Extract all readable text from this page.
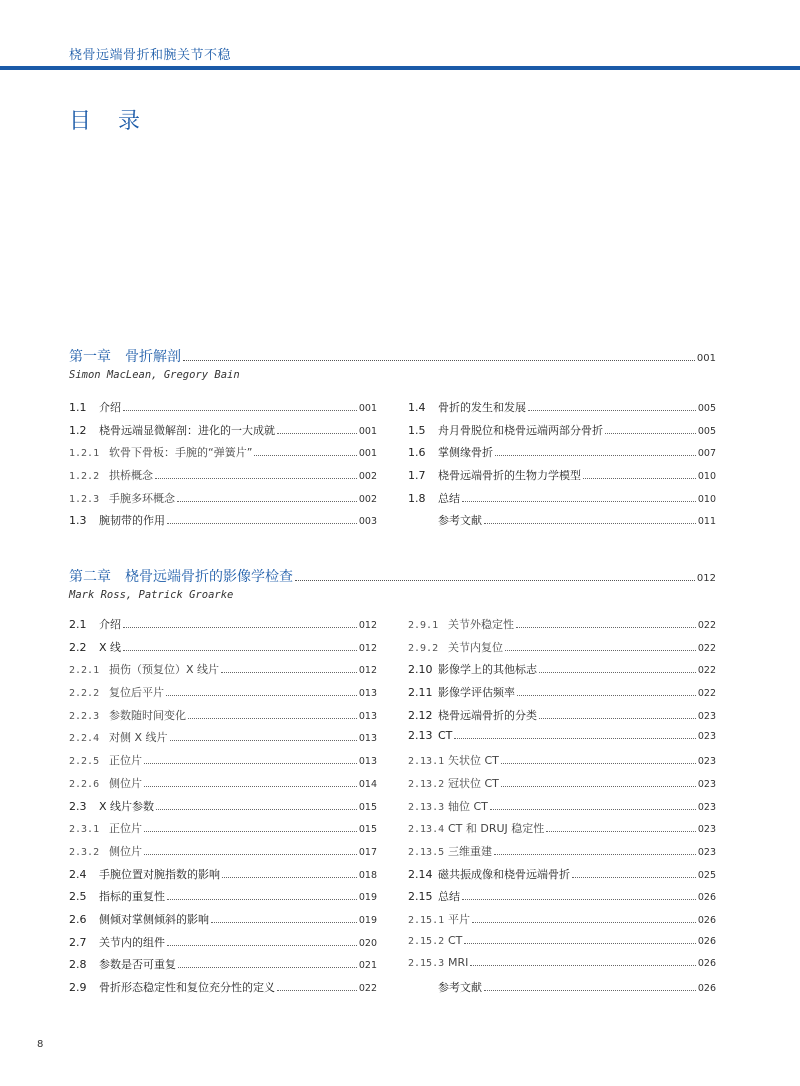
桡骨远端骨折和腕关节不稳
目 录
第一章 骨折解剖	001
Simon MacLean, Gregory Bain
1.1	介绍	001
1.2	桡骨远端显微解剖：进化的一大成就	001
1.2.1 软骨下骨板：手腕的“弹簧片”	001
1.2.2 拱桥概念	002
1.2.3 手腕多环概念	002
1.3	腕韧带的作用	003
1.4	骨折的发生和发展	005
1.5	舟月骨脱位和桡骨远端两部分骨折	005
1.6	掌侧缘骨折	007
1.7	桡骨远端骨折的生物力学模型	010
1.8	总结	010
参考文献	011
第二章 桡骨远端骨折的影像学检查	012
Mark Ross, Patrick Groarke
2.1	介绍	012
2.2	X 线	012
2.2.1 损伤（预复位）X 线片	012
2.2.2 复位后平片	013
2.2.3 参数随时间变化	013
2.2.4 对侧 X 线片	013
2.2.5 正位片	013
2.2.6 侧位片	014
2.3	X 线片参数	015
2.3.1 正位片	015
2.3.2 侧位片	017
2.4	手腕位置对腕指数的影响	018
2.5	指标的重复性	019
2.6	侧倾对掌侧倾斜的影响	019
2.7	关节内的组件	020
2.8	参数是否可重复	021
2.9	骨折形态稳定性和复位充分性的定义	022
2.9.1 关节外稳定性	022
2.9.2 关节内复位	022
2.10 影像学上的其他标志	022
2.11 影像学评估频率	022
2.12 桡骨远端骨折的分类	023
2.13 CT	023
2.13.1 矢状位 CT	023
2.13.2 冠状位 CT	023
2.13.3 轴位 CT	023
2.13.4 CT 和 DRUJ 稳定性	023
2.13.5 三维重建	023
2.14 磁共振成像和桡骨远端骨折	025
2.15 总结	026
2.15.1 平片	026
2.15.2 CT	026
2.15.3 MRI	026
参考文献	026
8
